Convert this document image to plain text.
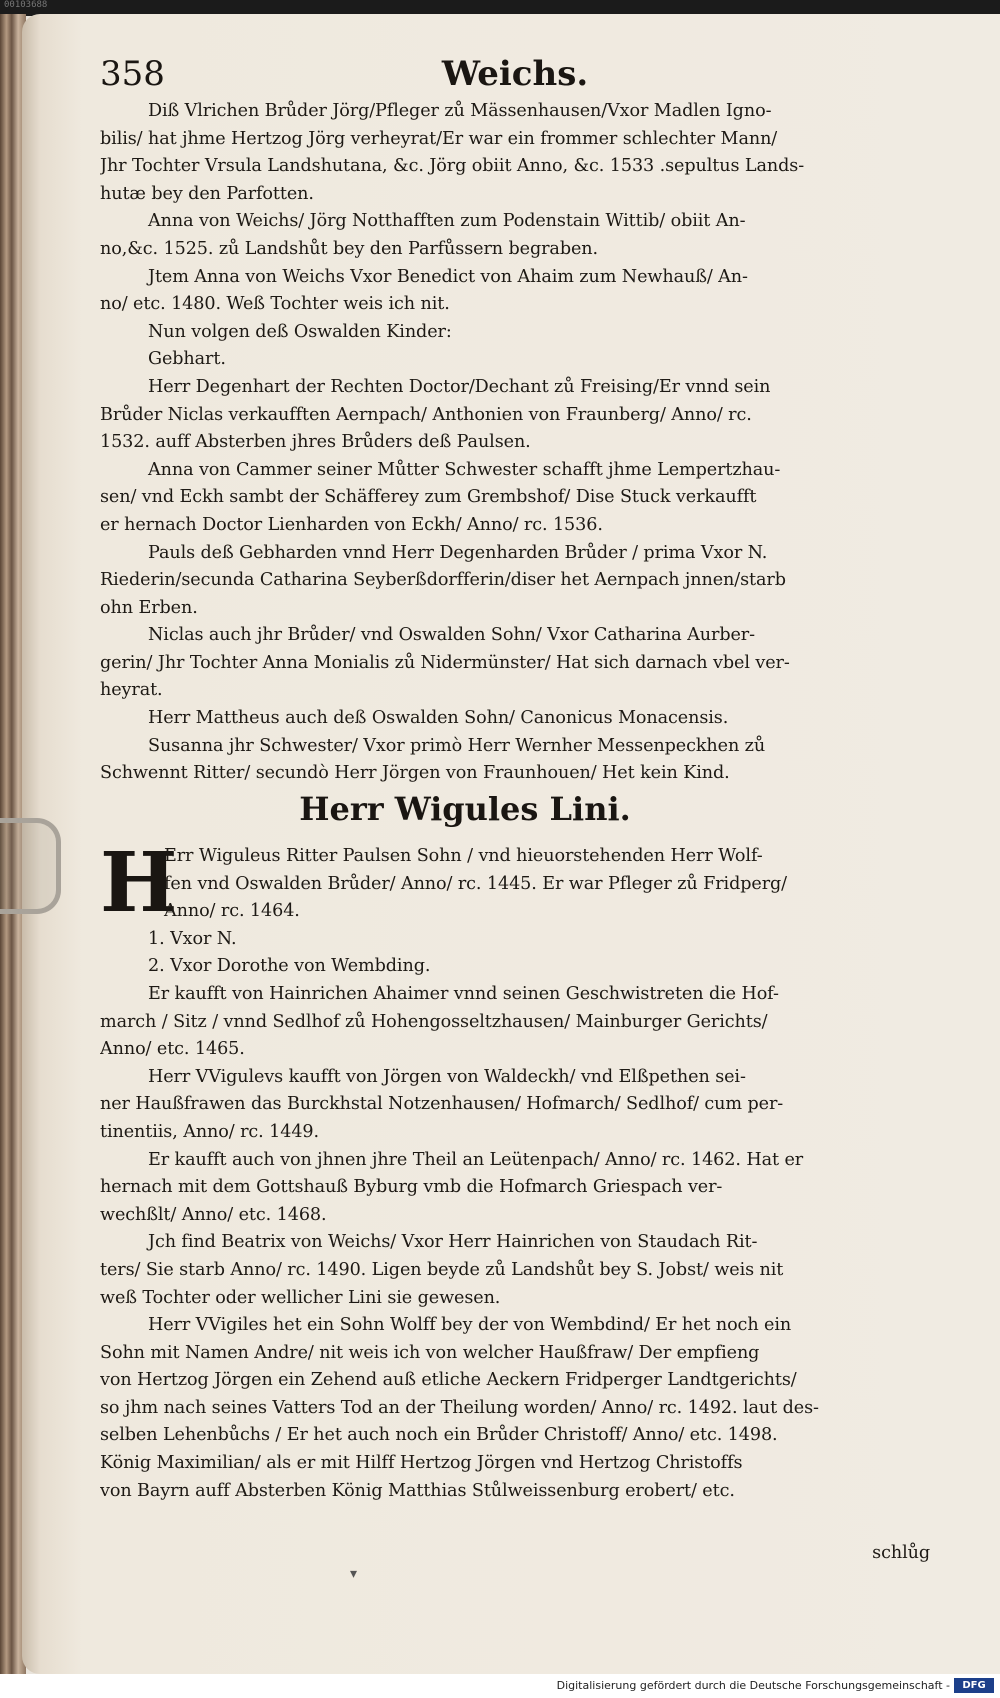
00103688
358	Weichs.
Diß Vlrichen Brůder Jörg/Pfleger zů Mässenhausen/Vxor Madlen Igno-
bilis/ hat jhme Hertzog Jörg verheyrat/Er war ein frommer schlechter Mann/
Jhr Tochter Vrsula Landshutana, &c. Jörg obiit Anno, &c. 1533 .sepultus Lands-
hutæ bey den Parfotten.
Anna von Weichs/ Jörg Notthafften zum Podenstain Wittib/ obiit An-
no,&c. 1525. zů Landshůt bey den Parfůssern begraben.
Jtem Anna von Weichs Vxor Benedict von Ahaim zum Newhauß/ An-
no/ etc. 1480. Weß Tochter weis ich nit.
Nun volgen deß Oswalden Kinder:
Gebhart.
Herr Degenhart der Rechten Doctor/Dechant zů Freising/Er vnnd sein
Brůder Niclas verkaufften Aernpach/ Anthonien von Fraunberg/ Anno/ rc.
1532. auff Absterben jhres Brůders deß Paulsen.
Anna von Cammer seiner Můtter Schwester schafft jhme Lempertzhau-
sen/ vnd Eckh sambt der Schäfferey zum Grembshof/ Dise Stuck verkaufft
er hernach Doctor Lienharden von Eckh/ Anno/ rc. 1536.
Pauls deß Gebharden vnnd Herr Degenharden Brůder / prima Vxor N.
Riederin/secunda Catharina Seyberßdorfferin/diser het Aernpach jnnen/starb
ohn Erben.
Niclas auch jhr Brůder/ vnd Oswalden Sohn/ Vxor Catharina Aurber-
gerin/ Jhr Tochter Anna Monialis zů Nidermünster/ Hat sich darnach vbel ver-
heyrat.
Herr Mattheus auch deß Oswalden Sohn/ Canonicus Monacensis.
Susanna jhr Schwester/ Vxor primò Herr Wernher Messenpeckhen zů
Schwennt Ritter/ secundò Herr Jörgen von Fraunhouen/ Het kein Kind.
Herr Wigules Lini.
H
Err Wiguleus Ritter Paulsen Sohn / vnd hieuorstehenden Herr Wolf-
fen vnd Oswalden Brůder/ Anno/ rc. 1445. Er war Pfleger zů Fridperg/
Anno/ rc. 1464.
1. Vxor N.
2. Vxor Dorothe von Wembding.
Er kaufft von Hainrichen Ahaimer vnnd seinen Geschwistreten die Hof-
march / Sitz / vnnd Sedlhof zů Hohengosseltzhausen/ Mainburger Gerichts/
Anno/ etc. 1465.
Herr VVigulevs kaufft von Jörgen von Waldeckh/ vnd Elßpethen sei-
ner Haußfrawen das Burckhstal Notzenhausen/ Hofmarch/ Sedlhof/ cum per-
tinentiis, Anno/ rc. 1449.
Er kaufft auch von jhnen jhre Theil an Leütenpach/ Anno/ rc. 1462. Hat er
hernach mit dem Gottshauß Byburg vmb die Hofmarch Griespach ver-
wechßlt/ Anno/ etc. 1468.
Jch find Beatrix von Weichs/ Vxor Herr Hainrichen von Staudach Rit-
ters/ Sie starb Anno/ rc. 1490. Ligen beyde zů Landshůt bey S. Jobst/ weis nit
weß Tochter oder wellicher Lini sie gewesen.
Herr VVigiles het ein Sohn Wolff bey der von Wembdind/ Er het noch ein
Sohn mit Namen Andre/ nit weis ich von welcher Haußfraw/ Der empfieng
von Hertzog Jörgen ein Zehend auß etliche Aeckern Fridperger Landtgerichts/
so jhm nach seines Vatters Tod an der Theilung worden/ Anno/ rc. 1492. laut des-
selben Lehenbůchs / Er het auch noch ein Brůder Christoff/ Anno/ etc. 1498.
König Maximilian/ als er mit Hilff Hertzog Jörgen vnd Hertzog Christoffs
von Bayrn auff Absterben König Matthias Stůlweissenburg erobert/ etc.
schlůg
▾
Digitalisierung gefördert durch die Deutsche Forschungsgemeinschaft -	DFG
